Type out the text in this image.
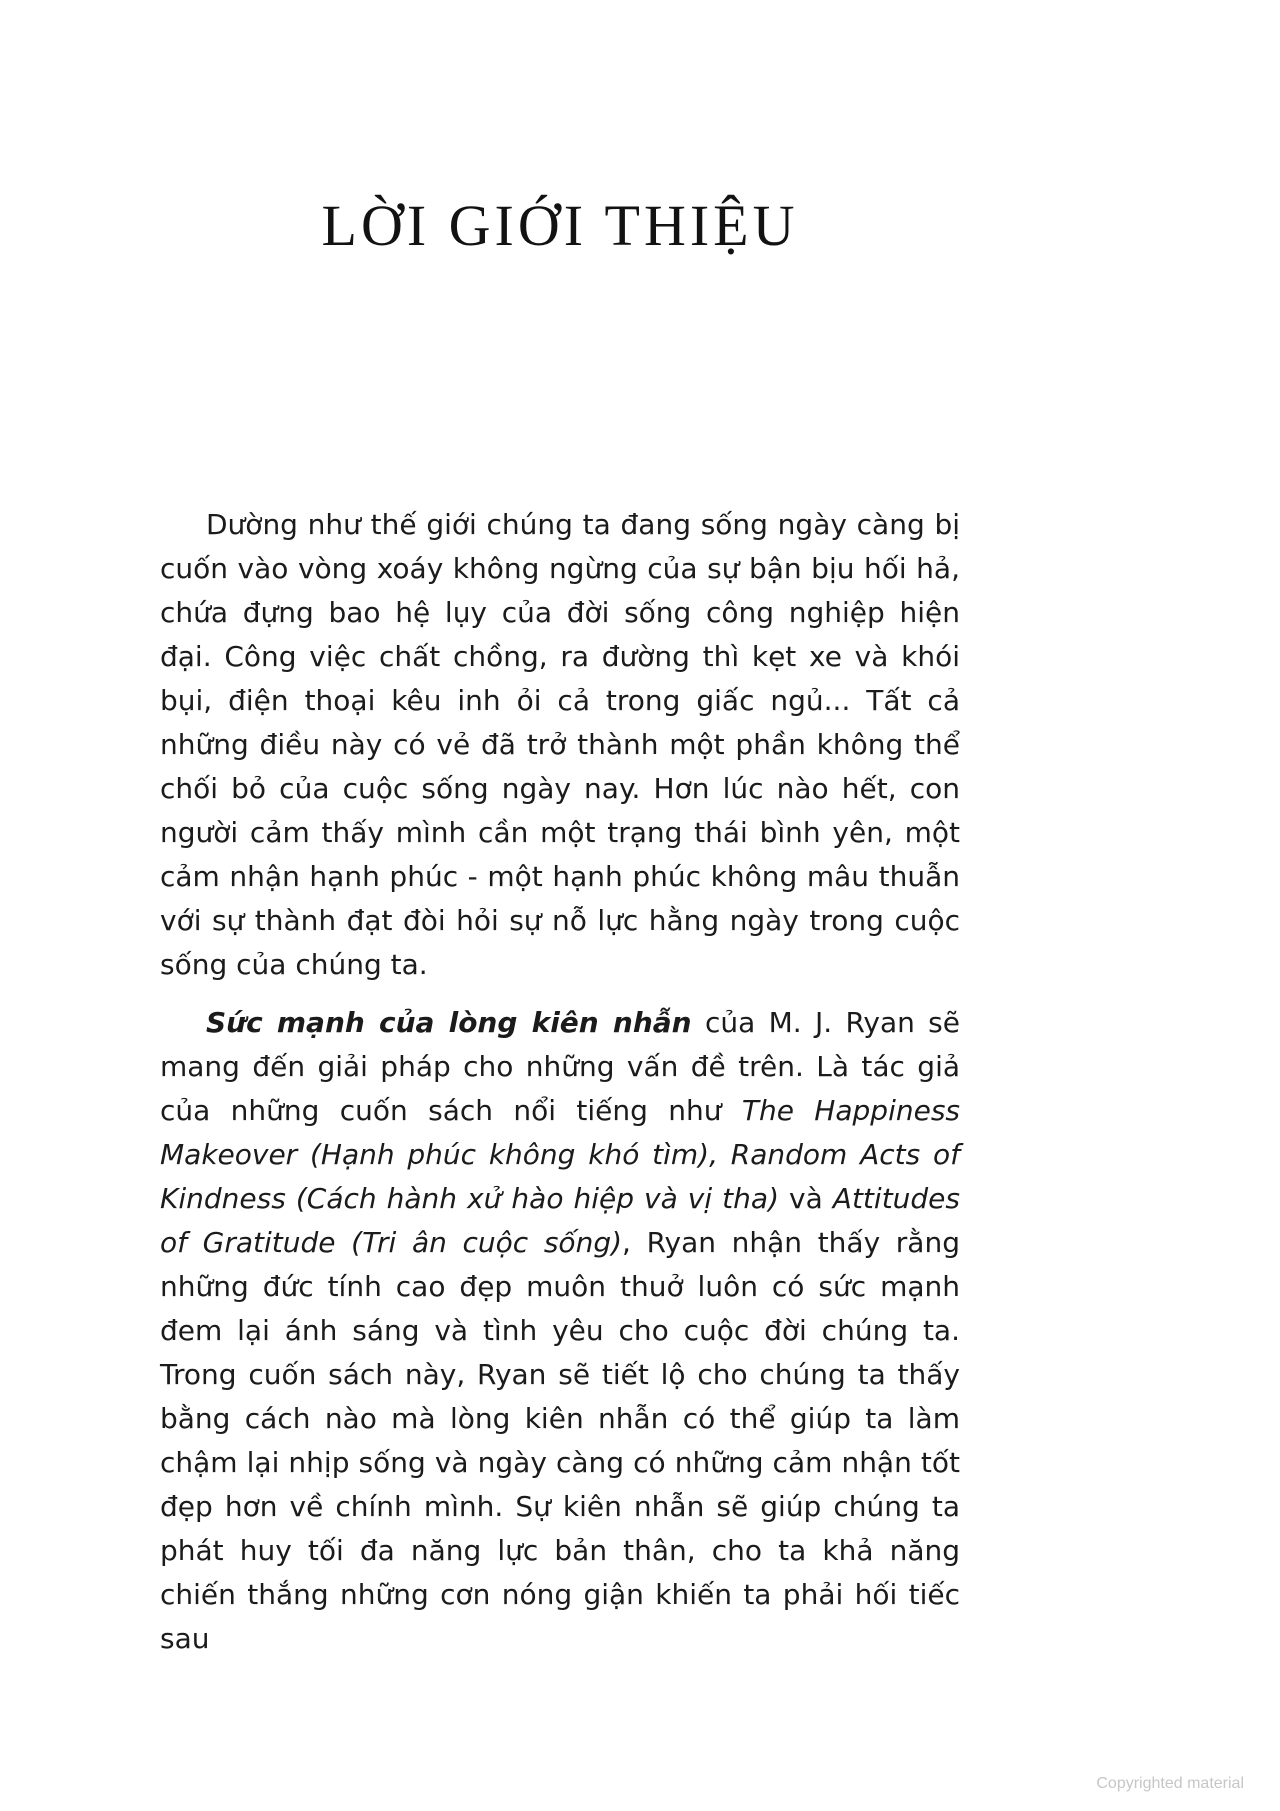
LỜI GIỚI THIỆU

Dường như thế giới chúng ta đang sống ngày càng bị cuốn vào vòng xoáy không ngừng của sự bận bịu hối hả, chứa đựng bao hệ lụy của đời sống công nghiệp hiện đại. Công việc chất chồng, ra đường thì kẹt xe và khói bụi, điện thoại kêu inh ỏi cả trong giấc ngủ... Tất cả những điều này có vẻ đã trở thành một phần không thể chối bỏ của cuộc sống ngày nay. Hơn lúc nào hết, con người cảm thấy mình cần một trạng thái bình yên, một cảm nhận hạnh phúc - một hạnh phúc không mâu thuẫn với sự thành đạt đòi hỏi sự nỗ lực hằng ngày trong cuộc sống của chúng ta.

Sức mạnh của lòng kiên nhẫn của M. J. Ryan sẽ mang đến giải pháp cho những vấn đề trên. Là tác giả của những cuốn sách nổi tiếng như The Happiness Makeover (Hạnh phúc không khó tìm), Random Acts of Kindness (Cách hành xử hào hiệp và vị tha) và Attitudes of Gratitude (Tri ân cuộc sống), Ryan nhận thấy rằng những đức tính cao đẹp muôn thuở luôn có sức mạnh đem lại ánh sáng và tình yêu cho cuộc đời chúng ta. Trong cuốn sách này, Ryan sẽ tiết lộ cho chúng ta thấy bằng cách nào mà lòng kiên nhẫn có thể giúp ta làm chậm lại nhịp sống và ngày càng có những cảm nhận tốt đẹp hơn về chính mình. Sự kiên nhẫn sẽ giúp chúng ta phát huy tối đa năng lực bản thân, cho ta khả năng chiến thắng những cơn nóng giận khiến ta phải hối tiếc sau

Copyrighted material
